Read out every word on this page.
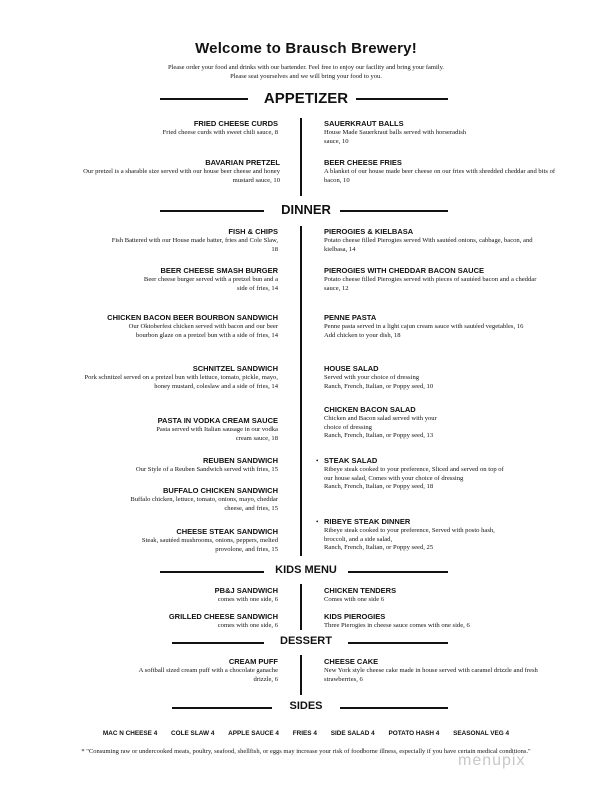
Welcome to Brausch Brewery!
Please order your food and drinks with our bartender. Feel free to enjoy our facility and bring your family.
Please seat yourselves and we will bring your food to you.
APPETIZER
FRIED CHEESE CURDS
Fried cheese curds with sweet chili sauce, 8
BAVARIAN PRETZEL
Our pretzel is a sharable size served with our house beer cheese and honey mustard sauce, 10
SAUERKRAUT BALLS
House Made Sauerkraut balls served with horseradish sauce, 10
BEER CHEESE FRIES
A blanket of our house made beer cheese on our fries with shredded cheddar and bits of bacon, 10
DINNER
FISH & CHIPS
Fish Battered with our House made batter, fries and Cole Slaw, 18
BEER CHEESE SMASH BURGER
Beer cheese burger served with a pretzel bun and a side of fries, 14
CHICKEN BACON BEER BOURBON SANDWICH
Our Oktoberfest chicken served with bacon and our beer bourbon glaze on a pretzel bun with a side of fries, 14
SCHNITZEL SANDWICH
Pork schnitzel served on a pretzel bun with lettuce, tomato, pickle, mayo, honey mustard, coleslaw and a side of fries, 14
PASTA IN VODKA CREAM SAUCE
Pasta served with Italian sausage in our vodka cream sauce, 18
REUBEN SANDWICH
Our Style of a Reuben Sandwich served with fries, 15
BUFFALO CHICKEN SANDWICH
Buffalo chicken, lettuce, tomato, onions, mayo, cheddar cheese, and fries, 15
CHEESE STEAK SANDWICH
Steak, sautéed mushrooms, onions, peppers, melted provolone, and fries, 15
PIEROGIES & KIELBASA
Potato cheese filled Pierogies served With sautéed onions, cabbage, bacon, and kielbasa, 14
PIEROGIES WITH CHEDDAR BACON SAUCE
Potato cheese filled Pierogies served with pieces of sautéed bacon and a cheddar sauce, 12
PENNE PASTA
Penne pasta served in a light cajun cream sauce with sautéed vegetables, 16
Add chicken to your dish, 18
HOUSE SALAD
Served with your choice of dressing
Ranch, French, Italian, or Poppy seed, 10
CHICKEN BACON SALAD
Chicken and Bacon salad served with your choice of dressing
Ranch, French, Italian, or Poppy seed, 13
• STEAK SALAD
Ribeye steak cooked to your preference, Sliced and served on top of our house salad, Comes with your choice of dressing
Ranch, French, Italian, or Poppy seed, 18
• RIBEYE STEAK DINNER
Ribeye steak cooked to your preference, Served with posto hash, broccoli, and a side salad,
Ranch, French, Italian, or Poppy seed, 25
KIDS MENU
PB&J SANDWICH
comes with one side, 6
GRILLED CHEESE SANDWICH
comes with one side, 6
CHICKEN TENDERS
Comes with one side 6
KIDS PIEROGIES
Three Pierogies in cheese sauce comes with one side, 6
DESSERT
CREAM PUFF
A softball sized cream puff with a chocolate ganache drizzle, 6
CHEESE CAKE
New York style cheese cake made in house served with caramel drizzle and fresh strawberries, 6
SIDES
MAC N CHEESE 4 COLE SLAW 4 APPLE SAUCE 4 FRIES 4 SIDE SALAD 4 POTATO HASH 4 SEASONAL VEG 4
* "Consuming raw or undercooked meats, poultry, seafood, shellfish, or eggs may increase your risk of foodborne illness, especially if you have certain medical conditions."
menupix
